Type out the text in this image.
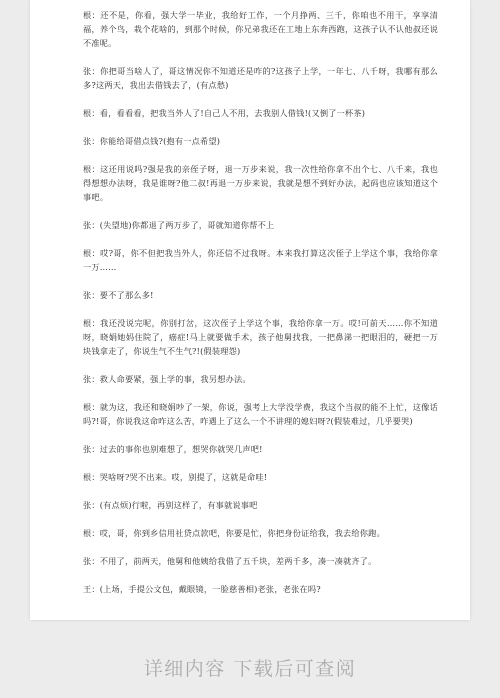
根：还不是，你看，强大学一毕业，我给好工作，一个月挣两、三千，你咱也不用干，享享清福，养个鸟，栽个花啥的，到那个时候，你兄弟我还在工地上东奔西跑，这孩子认不认他叔还说不准呢。

张：你把哥当啥人了，哥这情况你不知道还是咋的?这孩子上学，一年七、八千呀，我哪有那么多?这两天，我出去借钱去了，(有点愁)

根：看，看看看，把我当外人了!自己人不用，去我别人借钱!(又倒了一杯茶)

张：你能给哥借点钱?(抱有一点希望)

根：这还用说吗?强是我的亲侄子呀，退一万步来说，我一次性给你拿不出个七、八千来，我也得想想办法呀，我是谁呀?他二叔!再退一万步来说，我就是想不到好办法，起码也应该知道这个事吧。

张：(失望地)你都退了两万步了，哥就知道你帮不上

根：哎?哥，你不但把我当外人，你还信不过我呀。本来我打算这次侄子上学这个事，我给你拿一万……

张：要不了那么多!

根：我还没说完呢，你别打岔，这次侄子上学这个事，我给你拿一万。哎!可前天……你不知道呀，晓娟她妈住院了，癌症!马上就要做手术，孩子他舅找我，一把鼻涕一把眼泪的，硬把一万块钱拿走了，你说生气不生气?!(假装理怨)

张：救人命要紧，强上学的事，我另想办法。

根：就为这，我还和晓娟吵了一架，你说，强考上大学没学费，我这个当叔的能不上忙，这像话吗?!哥，你说我这命咋这么苦，咋遇上了这么一个不讲理的媳妇呀?(假装难过，几乎要哭)

张：过去的事你也别难想了，想哭你就哭几声吧!

根：哭啥呀?哭不出来。哎，别提了，这就是命哇!

张：(有点烦)行啦，再别这样了，有事就说事吧

根：哎，哥，你到乡信用社贷点款吧，你要是忙，你把身份证给我，我去给你跑。

张：不用了，前两天，他舅和他姨给我借了五千块，差两千多，凑一凑就齐了。

王：(上场，手提公文包，戴眼镜，一脸慈善相)老张，老张在吗?

详细内容 下载后可查阅
